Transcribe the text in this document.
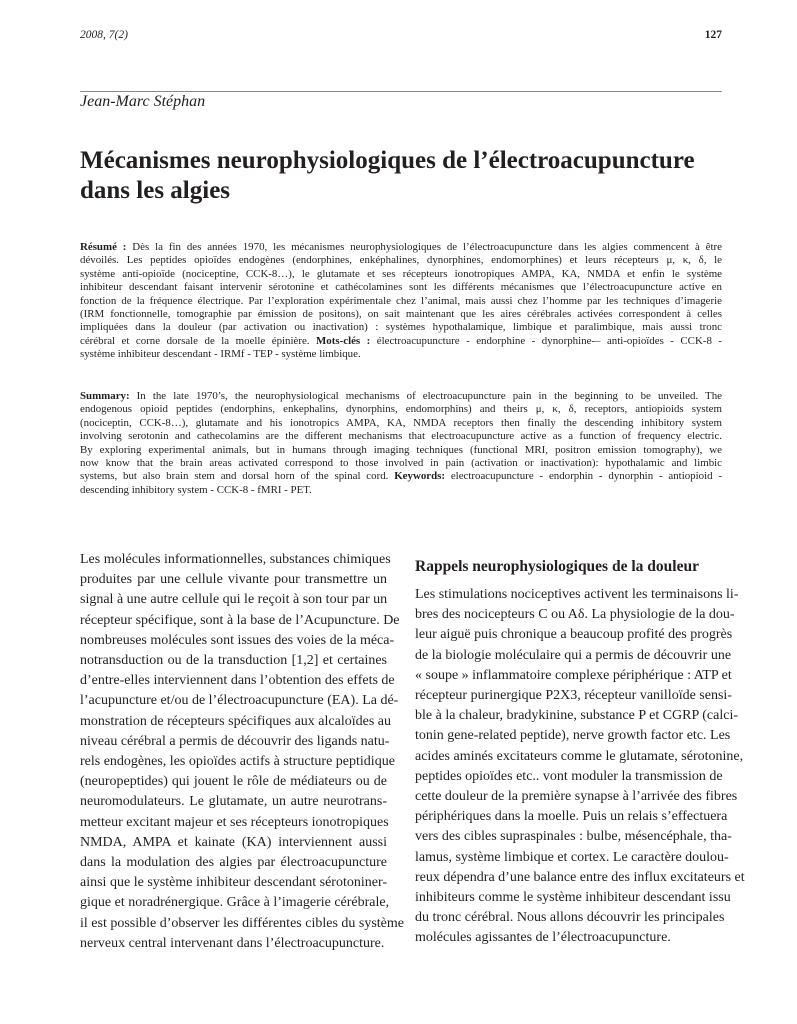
2008, 7(2)	127
Jean-Marc Stéphan
Mécanismes neurophysiologiques de l’électroacupuncture
dans les algies
Résumé : Dès la fin des années 1970, les mécanismes neurophysiologiques de l’électroacupuncture dans les algies commencent à être
dévoilés. Les peptides opioïdes endogènes (endorphines, enképhalines, dynorphines, endomorphines) et leurs récepteurs μ, κ, δ, le
système anti-opioïde (nociceptine, CCK-8…), le glutamate et ses récepteurs ionotropiques AMPA, KA, NMDA et enfin le système
inhibiteur descendant faisant intervenir sérotonine et cathécolamines sont les différents mécanismes que l’électroacupuncture active en
fonction de la fréquence électrique. Par l’exploration expérimentale chez l’animal, mais aussi chez l’homme par les techniques d’imagerie
(IRM fonctionnelle, tomographie par émission de positons), on sait maintenant que les aires cérébrales activées correspondent à celles
impliquées dans la douleur (par activation ou inactivation) : systèmes hypothalamique, limbique et paralimbique, mais aussi tronc
cérébral et corne dorsale de la moelle épinière. Mots-clés : électroacupuncture - endorphine - dynorphine-– anti-opioïdes - CCK-8 -
système inhibiteur descendant - IRMf - TEP - système limbique.
Summary: In the late 1970’s, the neurophysiological mechanisms of electroacupuncture pain in the beginning to be unveiled. The
endogenous opioid peptides (endorphins, enkephalins, dynorphins, endomorphins) and theirs μ, κ, δ, receptors, antiopioids system
(nociceptin, CCK-8…), glutamate and his ionotropics AMPA, KA, NMDA receptors then finally the descending inhibitory system
involving serotonin and cathecolamins are the different mechanisms that electroacupuncture active as a function of frequency electric.
By exploring experimental animals, but in humans through imaging techniques (functional MRI, positron emission tomography), we
now know that the brain areas activated correspond to those involved in pain (activation or inactivation): hypothalamic and limbic
systems, but also brain stem and dorsal horn of the spinal cord. Keywords: electroacupuncture - endorphin - dynorphin - antiopioid -
descending inhibitory system - CCK-8 - fMRI - PET.
Les molécules informationnelles, substances chimiques
produites par une cellule vivante pour transmettre un
signal à une autre cellule qui le reçoit à son tour par un
récepteur spécifique, sont à la base de l’Acupuncture. De
nombreuses molécules sont issues des voies de la méca-
notransduction ou de la transduction [1,2] et certaines
d’entre-elles interviennent dans l’obtention des effets de
l’acupuncture et/ou de l’électroacupuncture (EA). La dé-
monstration de récepteurs spécifiques aux alcaloïdes au
niveau cérébral a permis de découvrir des ligands natu-
rels endogènes, les opioïdes actifs à structure peptidique
(neuropeptides) qui jouent le rôle de médiateurs ou de
neuromodulateurs. Le glutamate, un autre neurotrans-
metteur excitant majeur et ses récepteurs ionotropiques
NMDA, AMPA et kainate (KA) interviennent aussi
dans la modulation des algies par électroacupuncture
ainsi que le système inhibiteur descendant sérotoniner-
gique et noradrénergique. Grâce à l’imagerie cérébrale,
il est possible d’observer les différentes cibles du système
nerveux central intervenant dans l’électroacupuncture.
Rappels neurophysiologiques de la douleur
Les stimulations nociceptives activent les terminaisons li-
bres des nocicepteurs C ou Aδ. La physiologie de la dou-
leur aiguë puis chronique a beaucoup profité des progrès
de la biologie moléculaire qui a permis de découvrir une
« soupe » inflammatoire complexe périphérique : ATP et
récepteur purinergique P2X3, récepteur vanilloïde sensi-
ble à la chaleur, bradykinine, substance P et CGRP (calci-
tonin gene-related peptide), nerve growth factor etc. Les
acides aminés excitateurs comme le glutamate, sérotonine,
peptides opioïdes etc.. vont moduler la transmission de
cette douleur de la première synapse à l’arrivée des fibres
périphériques dans la moelle. Puis un relais s’effectuera
vers des cibles supraspinales : bulbe, mésencéphale, tha-
lamus, système limbique et cortex. Le caractère doulou-
reux dépendra d’une balance entre des influx excitateurs et
inhibiteurs comme le système inhibiteur descendant issu
du tronc cérébral. Nous allons découvrir les principales
molécules agissantes de l’électroacupuncture.
